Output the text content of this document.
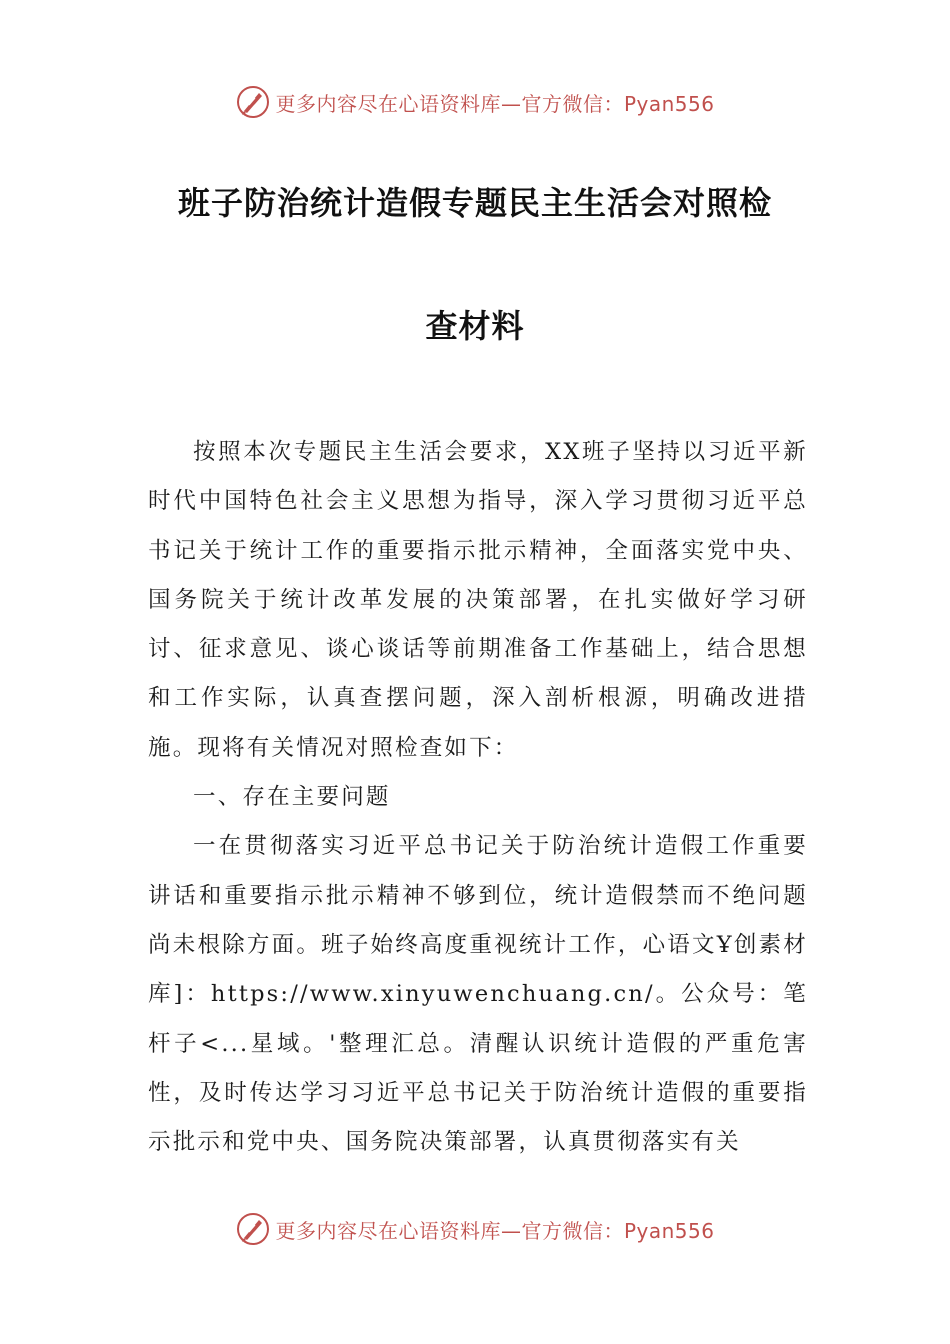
更多内容尽在心语资料库—官方微信：Pyan556
班子防治统计造假专题民主生活会对照检
查材料

按照本次专题民主生活会要求，XX班子坚持以习近平新时代中国特色社会主义思想为指导，深入学习贯彻习近平总书记关于统计工作的重要指示批示精神，全面落实党中央、国务院关于统计改革发展的决策部署，在扎实做好学习研讨、征求意见、谈心谈话等前期准备工作基础上，结合思想和工作实际，认真查摆问题，深入剖析根源，明确改进措施。现将有关情况对照检查如下：

一、存在主要问题

一在贯彻落实习近平总书记关于防治统计造假工作重要讲话和重要指示批示精神不够到位，统计造假禁而不绝问题尚未根除方面。班子始终高度重视统计工作，心语文Ұ创素材库]：https://www.xinyuwenchuang.cn/。公众号：笔杆子<...星域。'整理汇总。清醒认识统计造假的严重危害性，及时传达学习习近平总书记关于防治统计造假的重要指示批示和党中央、国务院决策部署，认真贯彻落实有关

更多内容尽在心语资料库—官方微信：Pyan556
